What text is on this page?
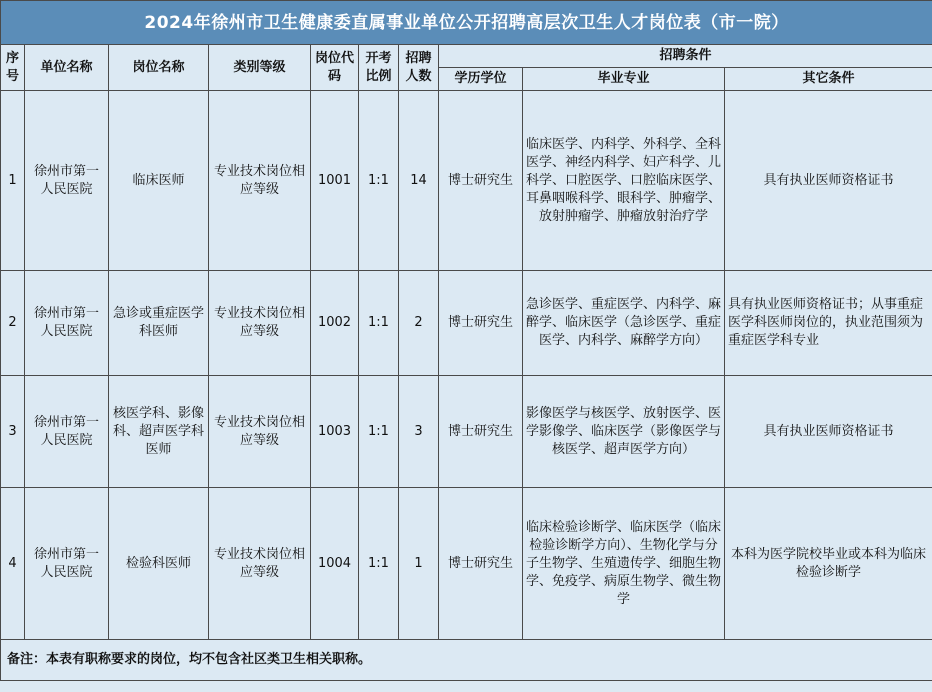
2024年徐州市卫生健康委直属事业单位公开招聘高层次卫生人才岗位表（市一院）									
序号	单位名称	岗位名称	类别等级	岗位代码	开考比例	招聘人数	招聘条件		
							学历学位	毕业专业	其它条件
1	徐州市第一人民医院	临床医师	专业技术岗位相应等级	1001	1:1	14	博士研究生	临床医学、内科学、外科学、全科医学、神经内科学、妇产科学、儿科学、口腔医学、口腔临床医学、耳鼻咽喉科学、眼科学、肿瘤学、放射肿瘤学、肿瘤放射治疗学	具有执业医师资格证书
2	徐州市第一人民医院	急诊或重症医学科医师	专业技术岗位相应等级	1002	1:1	2	博士研究生	急诊医学、重症医学、内科学、麻醉学、临床医学（急诊医学、重症医学、内科学、麻醉学方向）	具有执业医师资格证书；从事重症医学科医师岗位的，执业范围须为重症医学科专业
3	徐州市第一人民医院	核医学科、影像科、超声医学科医师	专业技术岗位相应等级	1003	1:1	3	博士研究生	影像医学与核医学、放射医学、医学影像学、临床医学（影像医学与核医学、超声医学方向）	具有执业医师资格证书
4	徐州市第一人民医院	检验科医师	专业技术岗位相应等级	1004	1:1	1	博士研究生	临床检验诊断学、临床医学（临床检验诊断学方向）、生物化学与分子生物学、生殖遗传学、细胞生物学、免疫学、病原生物学、微生物学	本科为医学院校毕业或本科为临床检验诊断学
备注：本表有职称要求的岗位，均不包含社区类卫生相关职称。									
